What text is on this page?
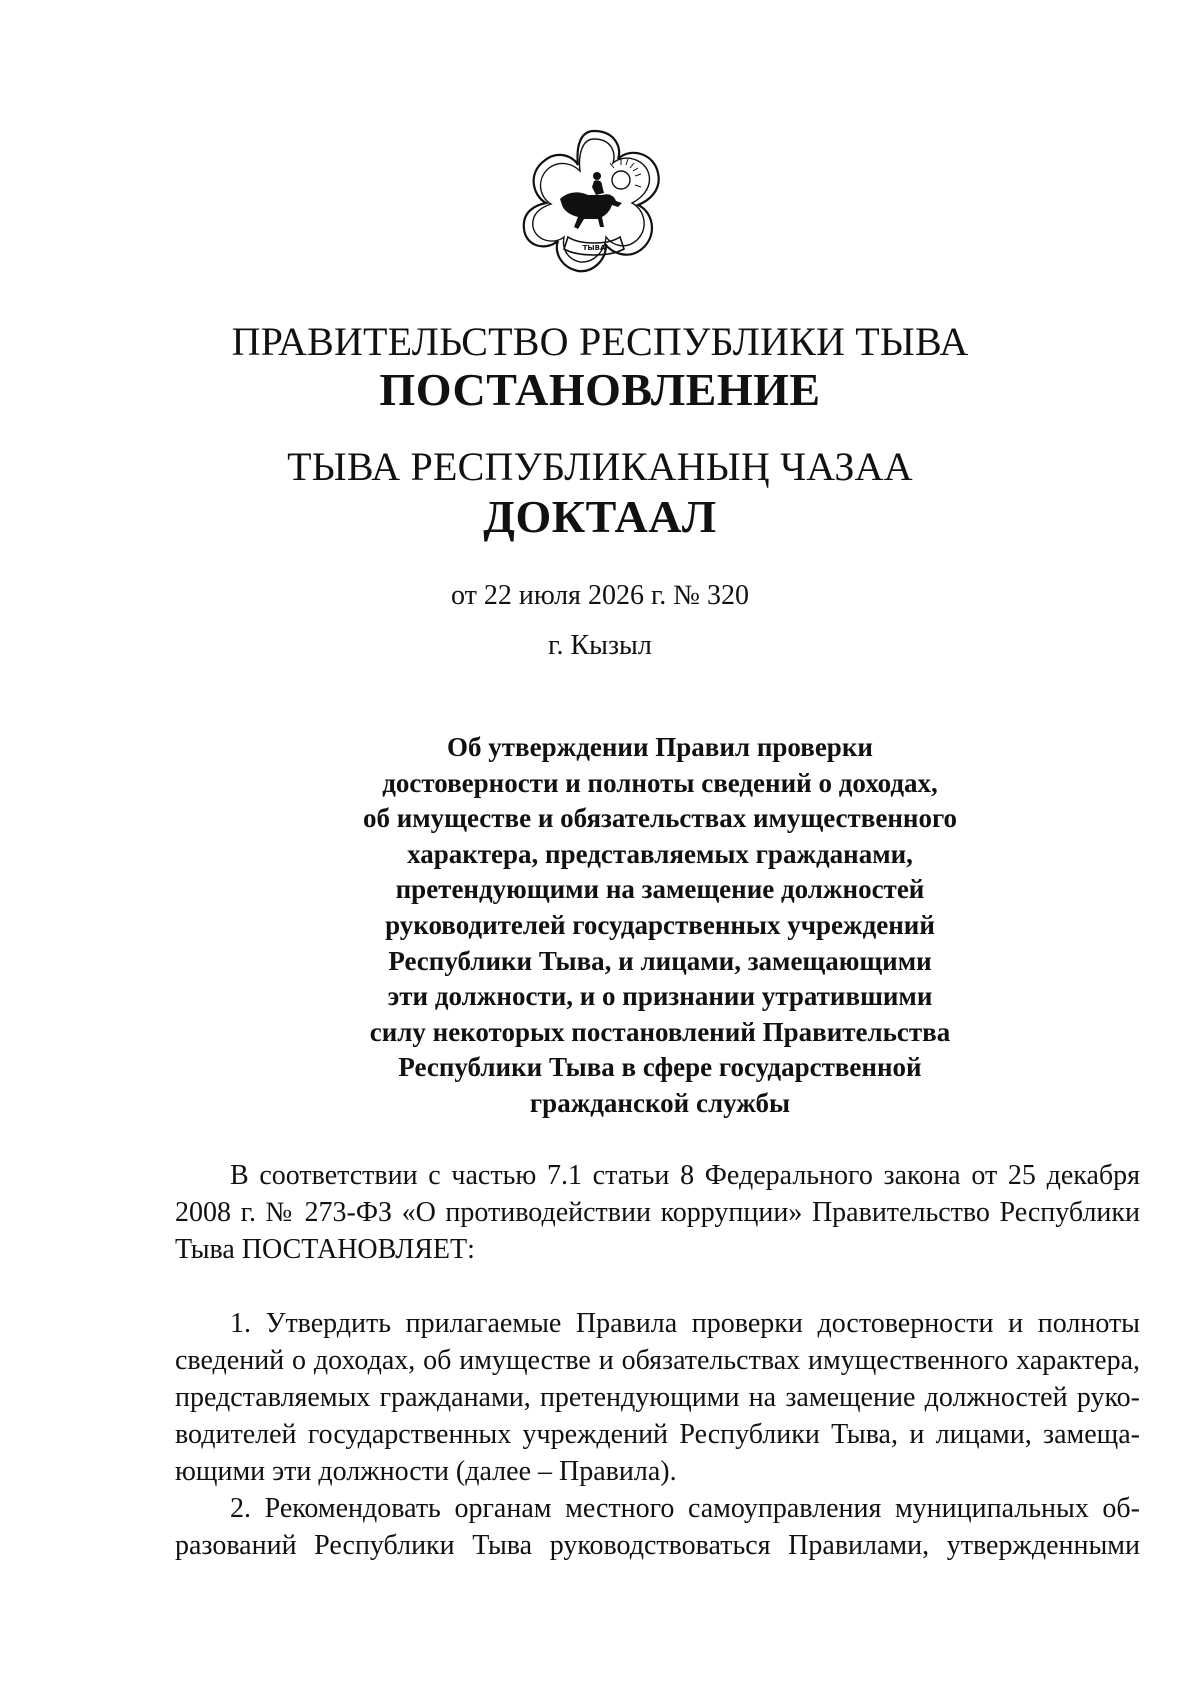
ТЫВА
ПРАВИТЕЛЬСТВО РЕСПУБЛИКИ ТЫВА
ПОСТАНОВЛЕНИЕ
ТЫВА РЕСПУБЛИКАНЫҢ ЧАЗАА
ДОКТААЛ
от 22 июля 2026 г. № 320
г. Кызыл
Об утверждении Правил проверки
достоверности и полноты сведений о доходах,
об имуществе и обязательствах имущественного
характера, представляемых гражданами,
претендующими на замещение должностей
руководителей государственных учреждений
Республики Тыва, и лицами, замещающими
эти должности, и о признании утратившими
силу некоторых постановлений Правительства
Республики Тыва в сфере государственной
гражданской службы
В соответствии с частью 7.1 статьи 8 Федерального закона от 25 декабря
2008 г. № 273-ФЗ «О противодействии коррупции» Правительство Республики
Тыва ПОСТАНОВЛЯЕТ:
1. Утвердить прилагаемые Правила проверки достоверности и полноты
сведений о доходах, об имуществе и обязательствах имущественного характера,
представляемых гражданами, претендующими на замещение должностей руко-
водителей государственных учреждений Республики Тыва, и лицами, замеща-
ющими эти должности (далее – Правила).
2. Рекомендовать органам местного самоуправления муниципальных об-
разований Республики Тыва руководствоваться Правилами, утвержденными
